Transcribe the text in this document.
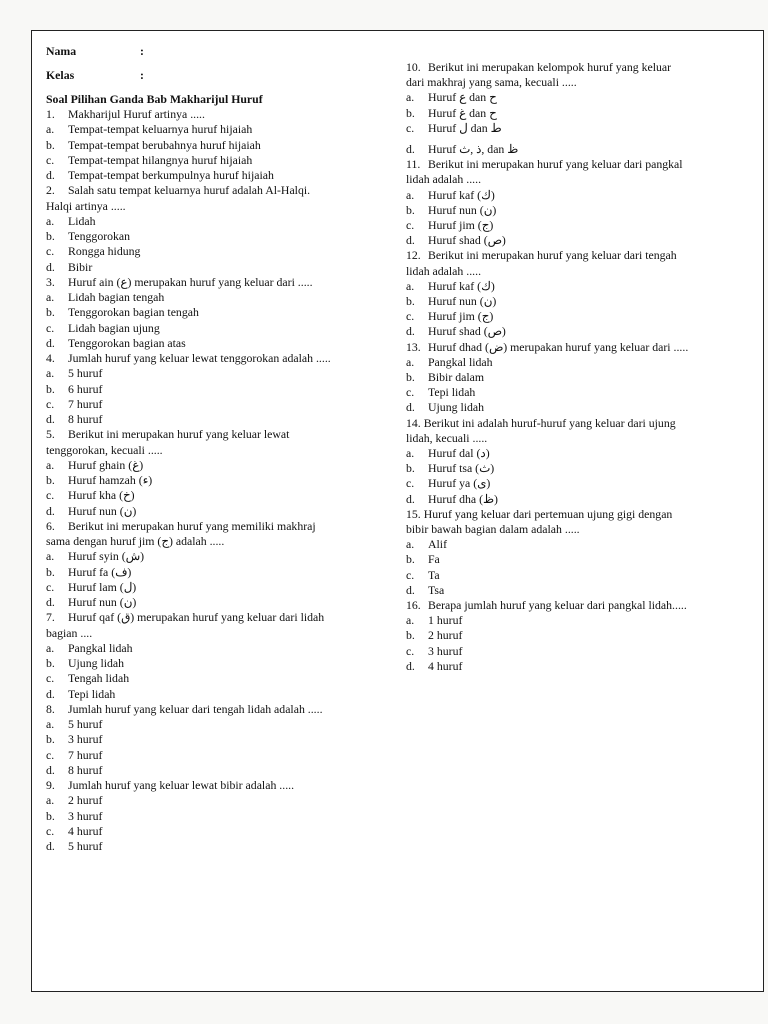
Nama	:
Kelas	:
Soal Pilihan Ganda Bab Makharijul Huruf
1. Makharijul Huruf artinya .....
a. Tempat-tempat keluarnya huruf hijaiah
b. Tempat-tempat berubahnya huruf hijaiah
c. Tempat-tempat hilangnya huruf hijaiah
d. Tempat-tempat berkumpulnya huruf hijaiah
2. Salah satu tempat keluarnya huruf adalah Al-Halqi.
Halqi artinya .....
a. Lidah
b. Tenggorokan
c. Rongga hidung
d. Bibir
3. Huruf ain (ع) merupakan huruf yang keluar dari .....
a. Lidah bagian tengah
b. Tenggorokan bagian tengah
c. Lidah bagian ujung
d. Tenggorokan bagian atas
4. Jumlah huruf yang keluar lewat tenggorokan adalah .....
a. 5 huruf
b. 6 huruf
c. 7 huruf
d. 8 huruf
5. Berikut ini merupakan huruf yang keluar lewat
tenggorokan, kecuali .....
a. Huruf ghain (غ)
b. Huruf hamzah (ء)
c. Huruf kha (خ)
d. Huruf nun (ن)
6. Berikut ini merupakan huruf yang memiliki makhraj
sama dengan huruf jim (ج) adalah .....
a. Huruf syin (ش)
b. Huruf fa (ف)
c. Huruf lam (ل)
d. Huruf nun (ن)
7. Huruf qaf (ق) merupakan huruf yang keluar dari lidah
bagian ....
a. Pangkal lidah
b. Ujung lidah
c. Tengah lidah
d. Tepi lidah
8. Jumlah huruf yang keluar dari tengah lidah adalah .....
a. 5 huruf
b. 3 huruf
c. 7 huruf
d. 8 huruf
9. Jumlah huruf yang keluar lewat bibir adalah .....
a. 2 huruf
b. 3 huruf
c. 4 huruf
d. 5 huruf
10. Berikut ini merupakan kelompok huruf yang keluar
dari makhraj yang sama, kecuali .....
a. Huruf ع dan ح
b. Huruf غ dan ح
c. Huruf ل dan ط
d. Huruf ذ ,ث, dan ظ
11. Berikut ini merupakan huruf yang keluar dari pangkal
lidah adalah .....
a. Huruf kaf (ك)
b. Huruf nun (ن)
c. Huruf jim (ج)
d. Huruf shad (ص)
12. Berikut ini merupakan huruf yang keluar dari tengah
lidah adalah .....
a. Huruf kaf (ك)
b. Huruf nun (ن)
c. Huruf jim (ج)
d. Huruf shad (ص)
13. Huruf dhad (ض) merupakan huruf yang keluar dari .....
a. Pangkal lidah
b. Bibir dalam
c. Tepi lidah
d. Ujung lidah
14. Berikut ini adalah huruf-huruf yang keluar dari ujung
lidah, kecuali .....
a. Huruf dal (د)
b. Huruf tsa (ث)
c. Huruf ya (ى)
d. Huruf dha (ظ)
15. Huruf yang keluar dari pertemuan ujung gigi dengan
bibir bawah bagian dalam adalah .....
a. Alif
b. Fa
c. Ta
d. Tsa
16. Berapa jumlah huruf yang keluar dari pangkal lidah.....
a. 1 huruf
b. 2 huruf
c. 3 huruf
d. 4 huruf
